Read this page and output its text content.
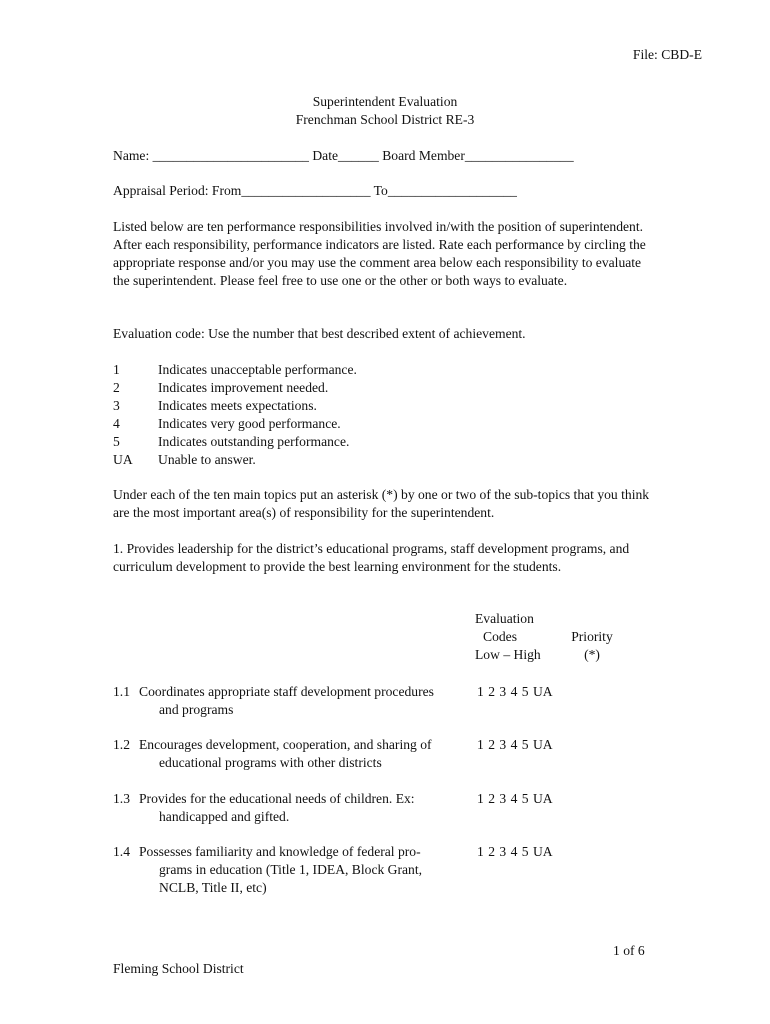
File: CBD-E
Superintendent Evaluation
Frenchman School District RE-3
Name: _______________________ Date______ Board Member________________
Appraisal Period: From___________________ To___________________
Listed below are ten performance responsibilities involved in/with the position of superintendent. After each responsibility, performance indicators are listed. Rate each performance by circling the appropriate response and/or you may use the comment area below each responsibility to evaluate the superintendent. Please feel free to use one or the other or both ways to evaluate.
Evaluation code: Use the number that best described extent of achievement.
1	Indicates unacceptable performance.
2	Indicates improvement needed.
3	Indicates meets expectations.
4	Indicates very good performance.
5	Indicates outstanding performance.
UA Unable to answer.
Under each of the ten main topics put an asterisk (*) by one or two of the sub-topics that you think are the most important area(s) of responsibility for the superintendent.
1. Provides leadership for the district’s educational programs, staff development programs, and curriculum development to provide the best learning environment for the students.
Evaluation
Codes
Low – High
Priority
(*)
1.1 Coordinates appropriate staff development procedures
and programs
1 2 3 4 5 UA
1.2 Encourages development, cooperation, and sharing of
educational programs with other districts
1 2 3 4 5 UA
1.3 Provides for the educational needs of children. Ex:
handicapped and gifted.
1 2 3 4 5 UA
1.4 Possesses familiarity and knowledge of federal pro-
grams in education (Title 1, IDEA, Block Grant,
NCLB, Title II, etc)
1 2 3 4 5 UA
1 of 6
Fleming School District
